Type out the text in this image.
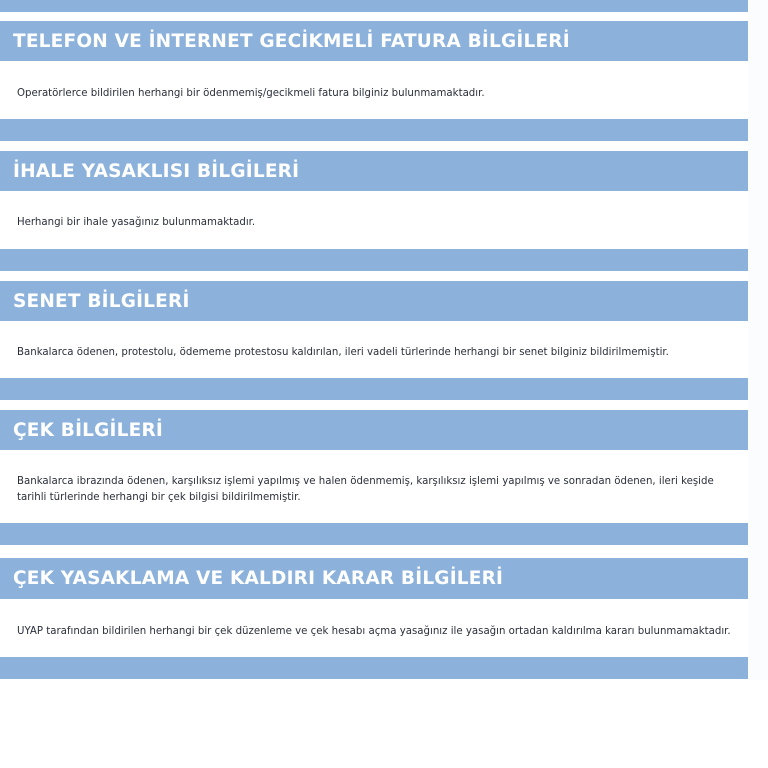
TELEFON VE İNTERNET GECİKMELİ FATURA BİLGİLERİ
Operatörlerce bildirilen herhangi bir ödenmemiş/gecikmeli fatura bilginiz bulunmamaktadır.
İHALE YASAKLISI BİLGİLERİ
Herhangi bir ihale yasağınız bulunmamaktadır.
SENET BİLGİLERİ
Bankalarca ödenen, protestolu, ödememe protestosu kaldırılan, ileri vadeli türlerinde herhangi bir senet bilginiz bildirilmemiştir.
ÇEK BİLGİLERİ
Bankalarca ibrazında ödenen, karşılıksız işlemi yapılmış ve halen ödenmemiş, karşılıksız işlemi yapılmış ve sonradan ödenen, ileri keşide tarihli türlerinde herhangi bir çek bilgisi bildirilmemiştir.
ÇEK YASAKLAMA VE KALDIRI KARAR BİLGİLERİ
UYAP tarafından bildirilen herhangi bir çek düzenleme ve çek hesabı açma yasağınız ile yasağın ortadan kaldırılma kararı bulunmamaktadır.
